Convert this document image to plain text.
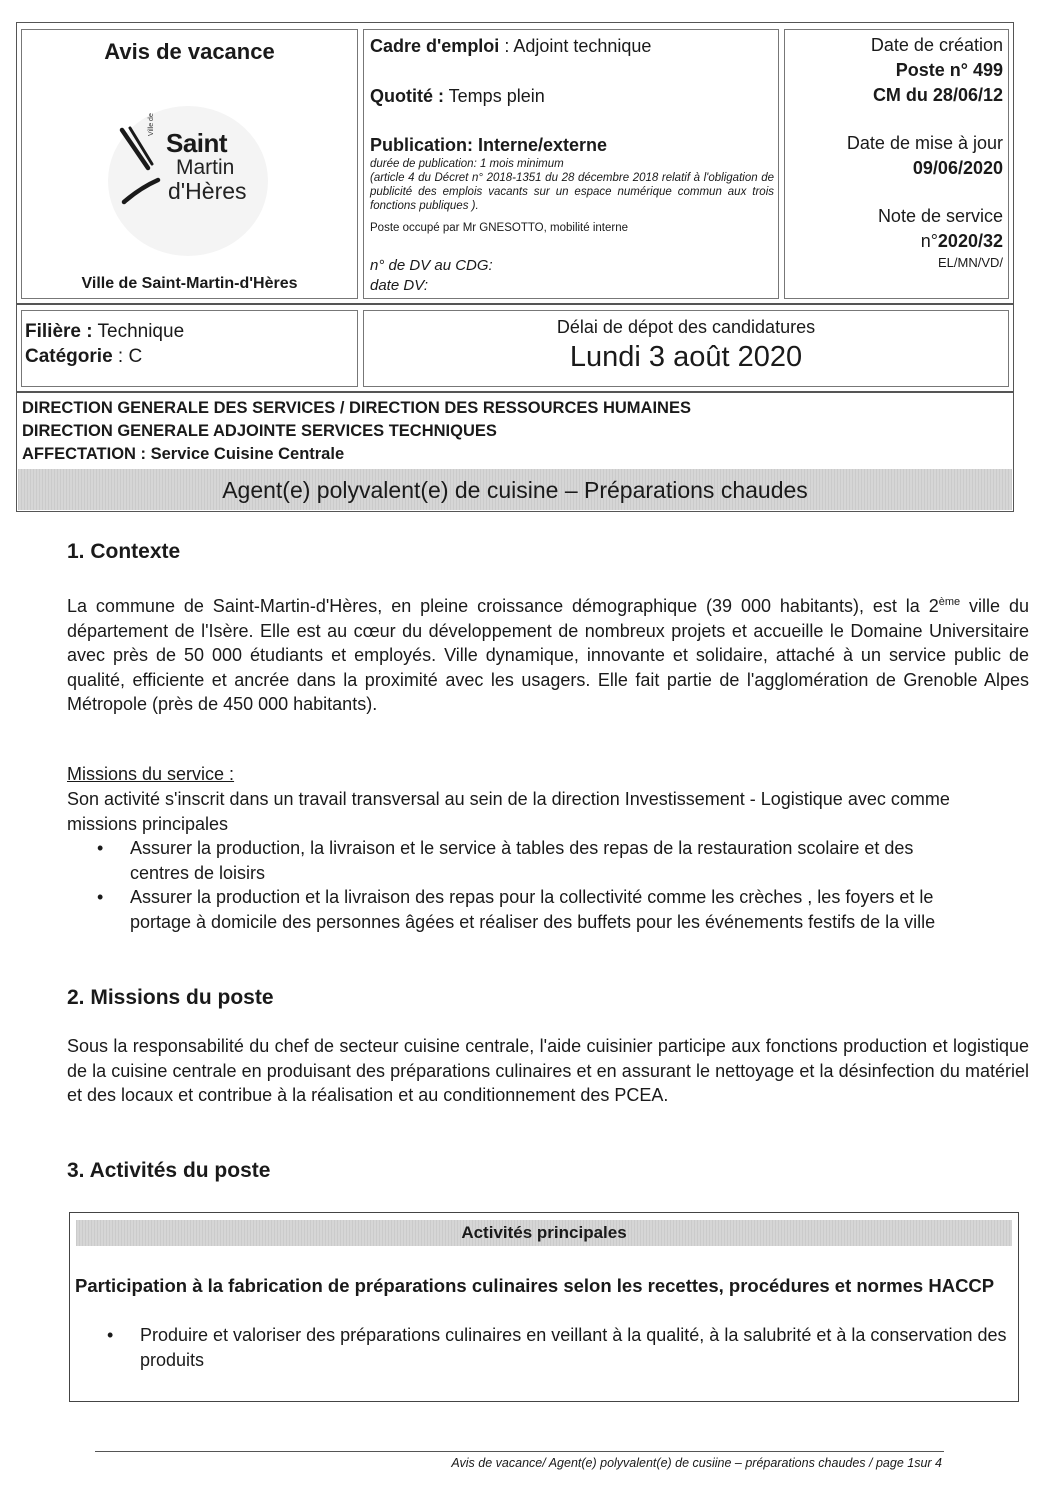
Avis de vacance
Ville de
Saint
Martin
d'Hères
Ville de Saint-Martin-d'Hères
Cadre d'emploi : Adjoint technique
Quotité : Temps plein
Publication: Interne/externe
durée de publication: 1 mois minimum
(article 4 du Décret n° 2018-1351 du 28 décembre 2018 relatif à l'obligation de publicité des emplois vacants sur un espace numérique commun aux trois fonctions publiques ).
Poste occupé par Mr GNESOTTO, mobilité interne
n° de DV au CDG:
date DV:
Date de création
Poste n° 499
CM du 28/06/12
Date de mise à jour
09/06/2020
Note de service
n°2020/32
EL/MN/VD/
Filière : Technique
Catégorie : C
Délai de dépot des candidatures
Lundi 3 août 2020
DIRECTION GENERALE DES SERVICES / DIRECTION DES RESSOURCES HUMAINES
DIRECTION GENERALE ADJOINTE SERVICES TECHNIQUES
AFFECTATION : Service Cuisine Centrale
Agent(e) polyvalent(e) de cuisine – Préparations chaudes
1. Contexte
La commune de Saint-Martin-d'Hères, en pleine croissance démographique (39 000 habitants), est la 2ème ville du département de l'Isère. Elle est au cœur du développement de nombreux projets et accueille le Domaine Universitaire avec près de 50 000 étudiants et employés. Ville dynamique, innovante et solidaire, attaché à un service public de qualité, efficiente et ancrée dans la proximité avec les usagers. Elle fait partie de l'agglomération de Grenoble Alpes Métropole (près de 450 000 habitants).
Missions du service :
Son activité s'inscrit dans un travail transversal au sein de la direction Investissement - Logistique avec comme missions principales
• Assurer la production, la livraison et le service à tables des repas de la restauration scolaire et des centres de loisirs
• Assurer la production et la livraison des repas pour la collectivité comme les crèches , les foyers et le portage à domicile des personnes âgées et réaliser des buffets pour les événements festifs de la ville
2. Missions du poste
Sous la responsabilité du chef de secteur cuisine centrale, l'aide cuisinier participe aux fonctions production et logistique de la cuisine centrale en produisant des préparations culinaires et en assurant le nettoyage et la désinfection du matériel et des locaux et contribue à la réalisation et au conditionnement des PCEA.
3. Activités du poste
Activités principales
Participation à la fabrication de préparations culinaires selon les recettes, procédures et normes HACCP
• Produire et valoriser des préparations culinaires en veillant à la qualité, à la salubrité et à la conservation des produits
Avis de vacance/ Agent(e) polyvalent(e) de cusiine – préparations chaudes / page 1sur 4
